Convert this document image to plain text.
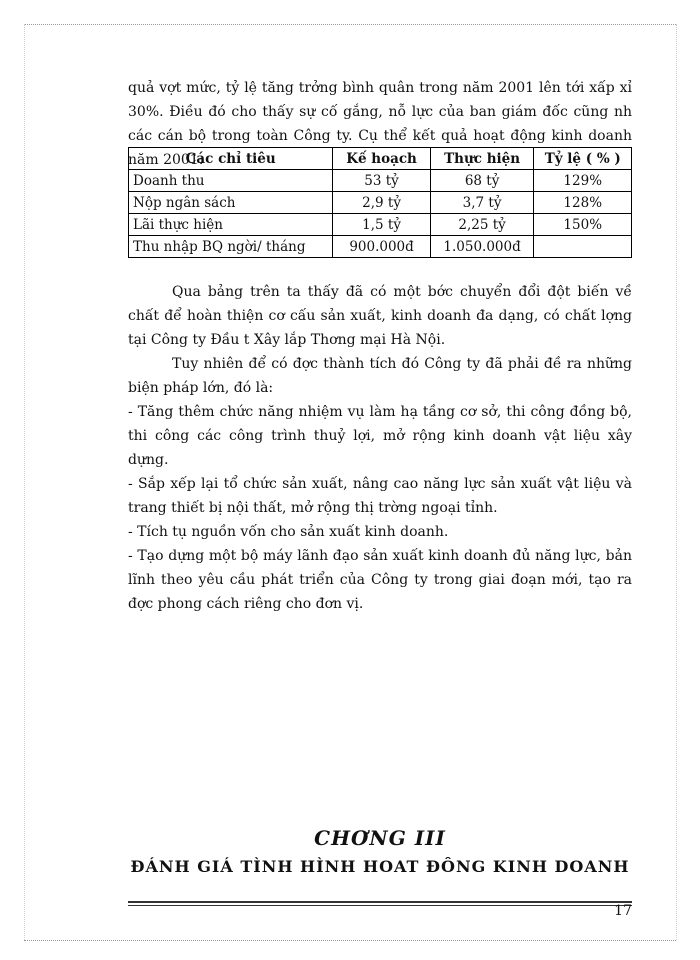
quả vợt mức, tỷ lệ tăng trởng bình quân trong năm 2001 lên tới xấp xỉ 30%. Điều đó cho thấy sự cố gắng, nỗ lực của ban giám đốc cũng nh các cán bộ trong toàn Công ty. Cụ thể kết quả hoạt động kinh doanh năm 2001:

Các chỉ tiêu	Kế hoạch	Thực hiện	Tỷ lệ ( % )
Doanh thu	53 tỷ	68 tỷ	129%
Nộp ngân sách	2,9 tỷ	3,7 tỷ	128%
Lãi thực hiện	1,5 tỷ	2,25 tỷ	150%
Thu nhập BQ ngời/ tháng	900.000đ	1.050.000đ	

Qua bảng trên ta thấy đã có một bớc chuyển đổi đột biến về chất để hoàn thiện cơ cấu sản xuất, kinh doanh đa dạng, có chất lợng tại Công ty Đầu t Xây lắp Thơng mại Hà Nội.

Tuy nhiên để có đợc thành tích đó Công ty đã phải đề ra những biện pháp lớn, đó là:

- Tăng thêm chức năng nhiệm vụ làm hạ tầng cơ sở, thi công đồng bộ, thi công các công trình thuỷ lợi, mở rộng kinh doanh vật liệu xây dựng.

- Sắp xếp lại tổ chức sản xuất, nâng cao năng lực sản xuất vật liệu và trang thiết bị nội thất, mở rộng thị trờng ngoại tỉnh.

- Tích tụ nguồn vốn cho sản xuất kinh doanh.

- Tạo dựng một bộ máy lãnh đạo sản xuất kinh doanh đủ năng lực, bản lĩnh theo yêu cầu phát triển của Công ty trong giai đoạn mới, tạo ra đợc phong cách riêng cho đơn vị.

CHƠNG III
ĐÁNH GIÁ TÌNH HÌNH HOAT ĐÔNG KINH DOANH
17
